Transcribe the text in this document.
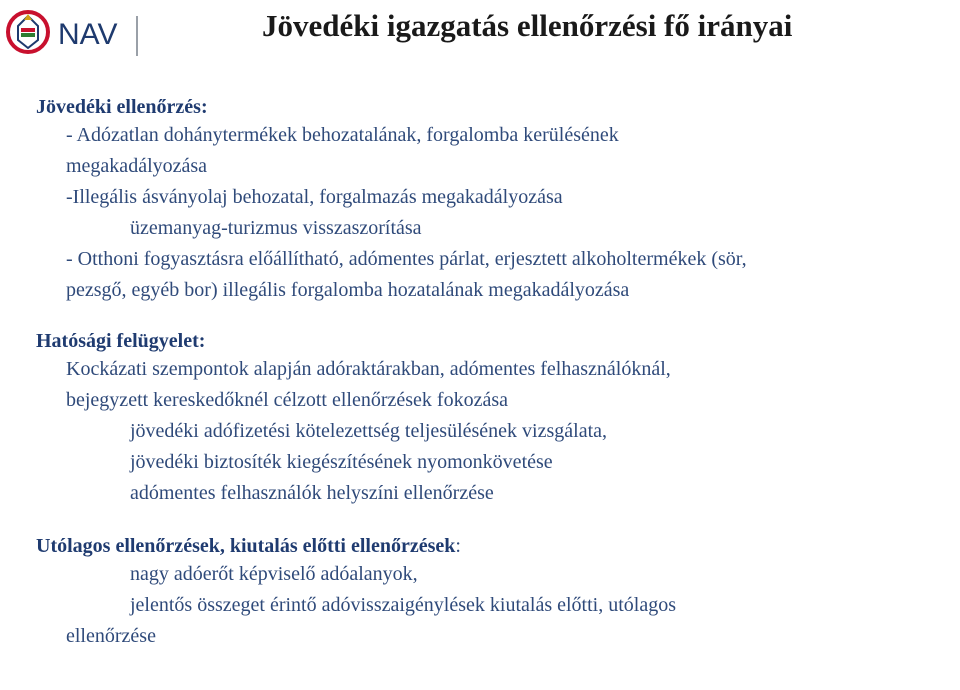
NAV	Jövedéki igazgatás ellenőrzési fő irányai
Jövedéki ellenőrzés:
- Adózatlan dohánytermékek behozatalának, forgalomba kerülésének
megakadályozása
-Illegális ásványolaj behozatal, forgalmazás megakadályozása
üzemanyag-turizmus visszaszorítása
- Otthoni fogyasztásra előállítható, adómentes párlat, erjesztett alkoholtermékek (sör,
pezsgő, egyéb bor) illegális forgalomba hozatalának megakadályozása
Hatósági felügyelet:
Kockázati szempontok alapján adóraktárakban, adómentes felhasználóknál,
bejegyzett kereskedőknél célzott ellenőrzések fokozása
jövedéki adófizetési kötelezettség teljesülésének vizsgálata,
jövedéki biztosíték kiegészítésének nyomonkövetése
adómentes felhasználók helyszíni ellenőrzése
Utólagos ellenőrzések, kiutalás előtti ellenőrzések:
nagy adóerőt képviselő adóalanyok,
jelentős összeget érintő adóvisszaigénylések kiutalás előtti, utólagos
ellenőrzése
